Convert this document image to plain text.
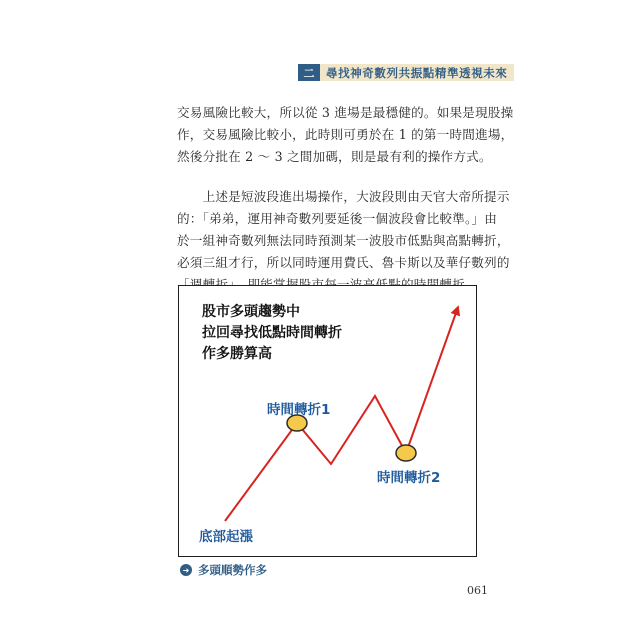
二	尋找神奇數列共振點精準透視未來
交易風險比較大，所以從 3 進場是最穩健的。如果是現股操
作，交易風險比較小，此時則可勇於在 1 的第一時間進場，
然後分批在 2 ～ 3 之間加碼，則是最有利的操作方式。
　　上述是短波段進出場操作，大波段則由天官大帝所提示
的：「弟弟，運用神奇數列要延後一個波段會比較準。」由
於一組神奇數列無法同時預測某一波股市低點與高點轉折，
必須三組才行，所以同時運用費氏、魯卡斯以及華仔數列的
股市多頭趨勢中
拉回尋找低點時間轉折
作多勝算高
時間轉折1
時間轉折2
底部起漲
➜ 多頭順勢作多
061
